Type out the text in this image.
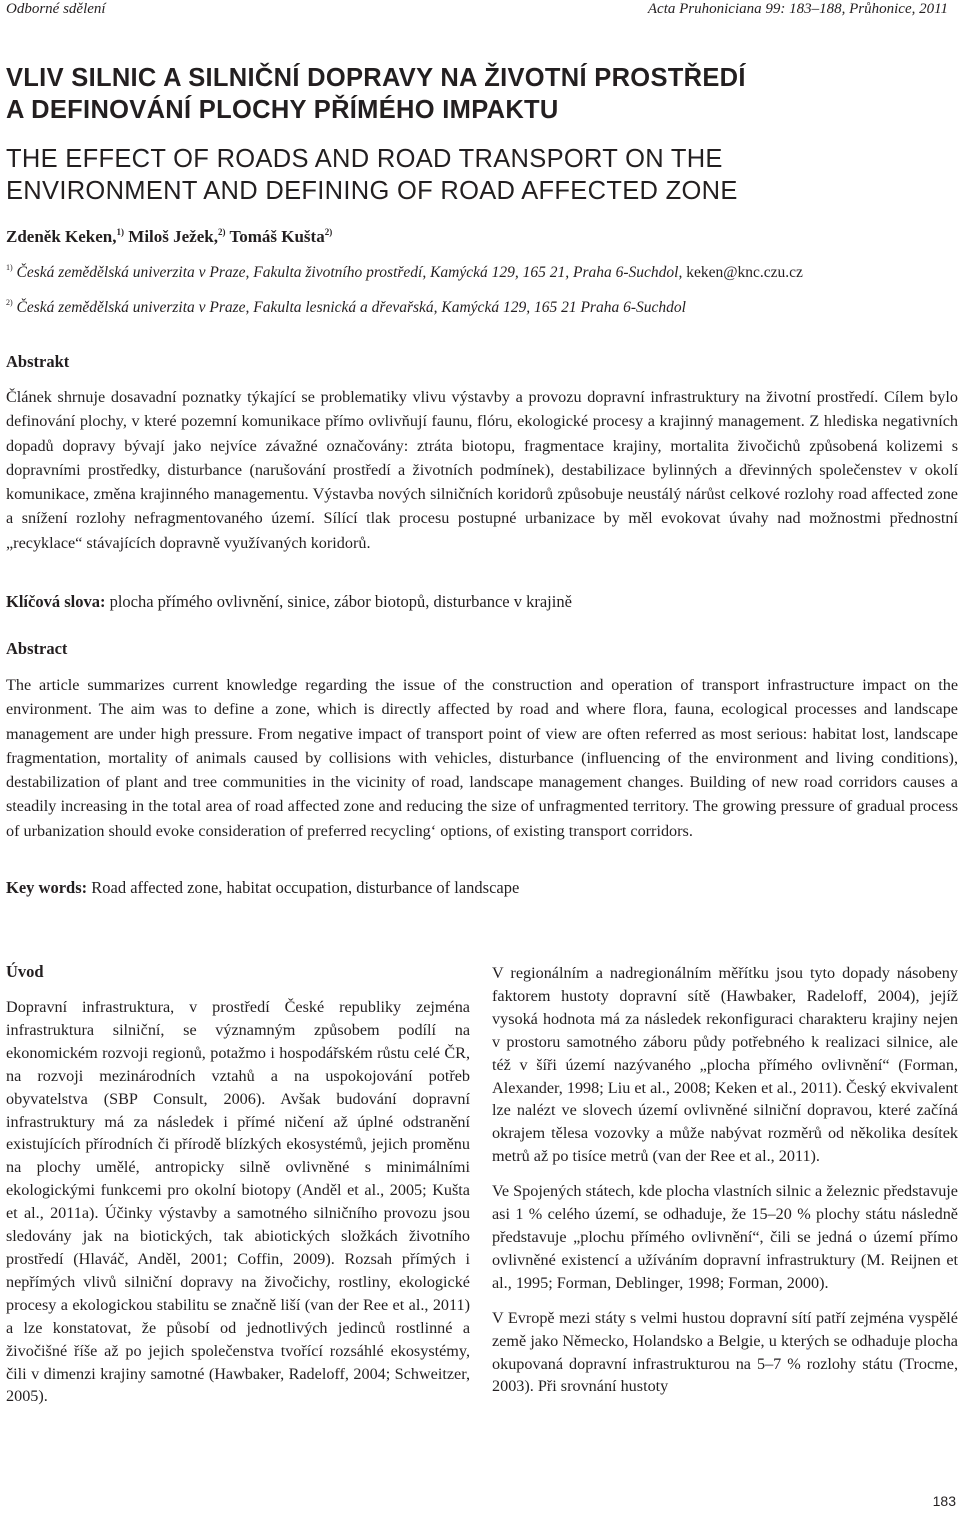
Odborné sdělení	Acta Pruhoniciana 99: 183–188, Průhonice, 2011
VLIV SILNIC A SILNIČNÍ DOPRAVY NA ŽIVOTNÍ PROSTŘEDÍ
A DEFINOVÁNÍ PLOCHY PŘÍMÉHO IMPAKTU
THE EFFECT OF ROADS AND ROAD TRANSPORT ON THE
ENVIRONMENT AND DEFINING OF ROAD AFFECTED ZONE
Zdeněk Keken,$^{1)}$ Miloš Ježek,$^{2)}$ Tomáš Kušta$^{2)}$
$^{1)}$ Česká zemědělská univerzita v Praze, Fakulta životního prostředí, Kamýcká 129, 165 21, Praha 6-Suchdol, keken@knc.czu.cz
$^{2)}$ Česká zemědělská univerzita v Praze, Fakulta lesnická a dřevařská, Kamýcká 129, 165 21 Praha 6-Suchdol
Abstrakt
Článek shrnuje dosavadní poznatky týkající se problematiky vlivu výstavby a provozu dopravní infrastruktury na životní prostředí. Cílem bylo definování plochy, v které pozemní komunikace přímo ovlivňují faunu, flóru, ekologické procesy a krajinný management. Z hlediska negativních dopadů dopravy bývají jako nejvíce závažné označovány: ztráta biotopu, fragmentace krajiny, mortalita živočichů způsobená kolizemi s dopravními prostředky, disturbance (narušování prostředí a životních podmínek), destabilizace bylinných a dřevinných společenstev v okolí komunikace, změna krajinného managementu. Výstavba nových silničních koridorů způsobuje neustálý nárůst celkové rozlohy road affected zone a snížení rozlohy nefragmentovaného území. Sílící tlak procesu postupné urbanizace by měl evokovat úvahy nad možnostmi přednostní „recyklace“ stávajících dopravně využívaných koridorů.
Klíčová slova: plocha přímého ovlivnění, sinice, zábor biotopů, disturbance v krajině
Abstract
The article summarizes current knowledge regarding the issue of the construction and operation of transport infrastructure impact on the environment. The aim was to define a zone, which is directly affected by road and where flora, fauna, ecological processes and landscape management are under high pressure. From negative impact of transport point of view are often referred as most serious: habitat lost, landscape fragmentation, mortality of animals caused by collisions with vehicles, disturbance (influencing of the environment and living conditions), destabilization of plant and tree communities in the vicinity of road, landscape management changes. Building of new road corridors causes a steadily increasing in the total area of road affected zone and reducing the size of unfragmented territory. The growing pressure of gradual process of urbanization should evoke consideration of preferred recycling‘ options, of existing transport corridors.
Key words: Road affected zone, habitat occupation, disturbance of landscape
Úvod

Dopravní infrastruktura, v prostředí České republiky zejména infrastruktura silniční, se významným způsobem podílí na ekonomickém rozvoji regionů, potažmo i hospodářském růstu celé ČR, na rozvoji mezinárodních vztahů a na uspokojování potřeb obyvatelstva (SBP Consult, 2006). Avšak budování dopravní infrastruktury má za následek i přímé ničení až úplné odstranění existujících přírodních či přírodě blízkých ekosystémů, jejich proměnu na plochy umělé, antropicky silně ovlivněné s minimálními ekologickými funkcemi pro okolní biotopy (Anděl et al., 2005; Kušta et al., 2011a). Účinky výstavby a samotného silničního provozu jsou sledovány jak na biotických, tak abiotických složkách životního prostředí (Hlaváč, Anděl, 2001; Coffin, 2009). Rozsah přímých i nepřímých vlivů silniční dopravy na živočichy, rostliny, ekologické procesy a ekologickou stabilitu se značně liší (van der Ree et al., 2011) a lze konstatovat, že působí od jednotlivých jedinců rostlinné a živočišné říše až po jejich společenstva tvořící rozsáhlé ekosystémy, čili v dimenzi krajiny samotné (Hawbaker, Radeloff, 2004; Schweitzer, 2005).

V regionálním a nadregionálním měřítku jsou tyto dopady násobeny faktorem hustoty dopravní sítě (Hawbaker, Radeloff, 2004), jejíž vysoká hodnota má za následek rekonfiguraci charakteru krajiny nejen v prostoru samotného záboru půdy potřebného k realizaci silnice, ale též v šíři území nazývaného „plocha přímého ovlivnění“ (Forman, Alexander, 1998; Liu et al., 2008; Keken et al., 2011). Český ekvivalent lze nalézt ve slovech území ovlivněné silniční dopravou, které začíná okrajem tělesa vozovky a může nabývat rozměrů od několika desítek metrů až po tisíce metrů (van der Ree et al., 2011).

Ve Spojených státech, kde plocha vlastních silnic a železnic představuje asi 1 % celého území, se odhaduje, že 15–20 % plochy státu následně představuje „plochu přímého ovlivnění“, čili se jedná o území přímo ovlivněné existencí a užíváním dopravní infrastruktury (M. Reijnen et al., 1995; Forman, Deblinger, 1998; Forman, 2000).

V Evropě mezi státy s velmi hustou dopravní sítí patří zejména vyspělé země jako Německo, Holandsko a Belgie, u kterých se odhaduje plocha okupovaná dopravní infrastrukturou na 5–7 % rozlohy státu (Trocme, 2003). Při srovnání hustoty

183
